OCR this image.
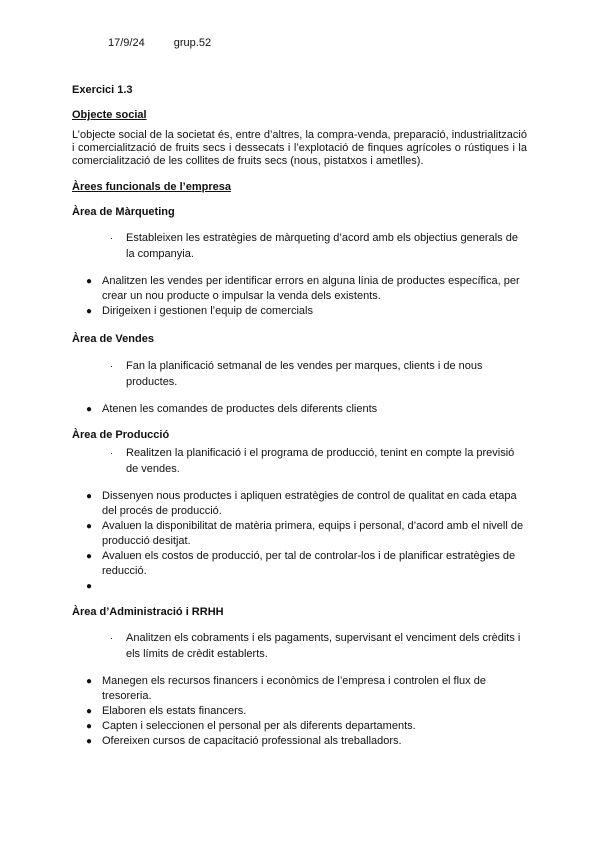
17/9/24	grup.52
Exercici 1.3
Objecte social
L’objecte social de la societat és, entre d’altres, la compra-venda, preparació, industrialització i comercialització de fruits secs i dessecats i l’explotació de finques agrícoles o rústiques i la comercialització de les collites de fruits secs (nous, pistatxos i ametlles).
Àrees funcionals de l’empresa
Àrea de Màrqueting
· Estableixen les estratègies de màrqueting d’acord amb els objectius generals de la companyia.
● Analitzen les vendes per identificar errors en alguna línia de productes específica, per crear un nou producte o impulsar la venda dels existents.
● Dirigeixen i gestionen l’equip de comercials
Àrea de Vendes
· Fan la planificació setmanal de les vendes per marques, clients i de nous productes.
● Atenen les comandes de productes dels diferents clients
Àrea de Producció
· Realitzen la planificació i el programa de producció, tenint en compte la previsió de vendes.
● Dissenyen nous productes i apliquen estratègies de control de qualitat en cada etapa del procés de producció.
● Avaluen la disponibilitat de matèria primera, equips i personal, d’acord amb el nivell de producció desitjat.
● Avaluen els costos de producció, per tal de controlar-los i de planificar estratègies de reducció.
●
Àrea d’Administració i RRHH
· Analitzen els cobraments i els pagaments, supervisant el venciment dels crèdits i els límits de crèdit establerts.
● Manegen els recursos financers i econòmics de l’empresa i controlen el flux de tresoreria.
● Elaboren els estats financers.
● Capten i seleccionen el personal per als diferents departaments.
● Ofereixen cursos de capacitació professional als treballadors.
